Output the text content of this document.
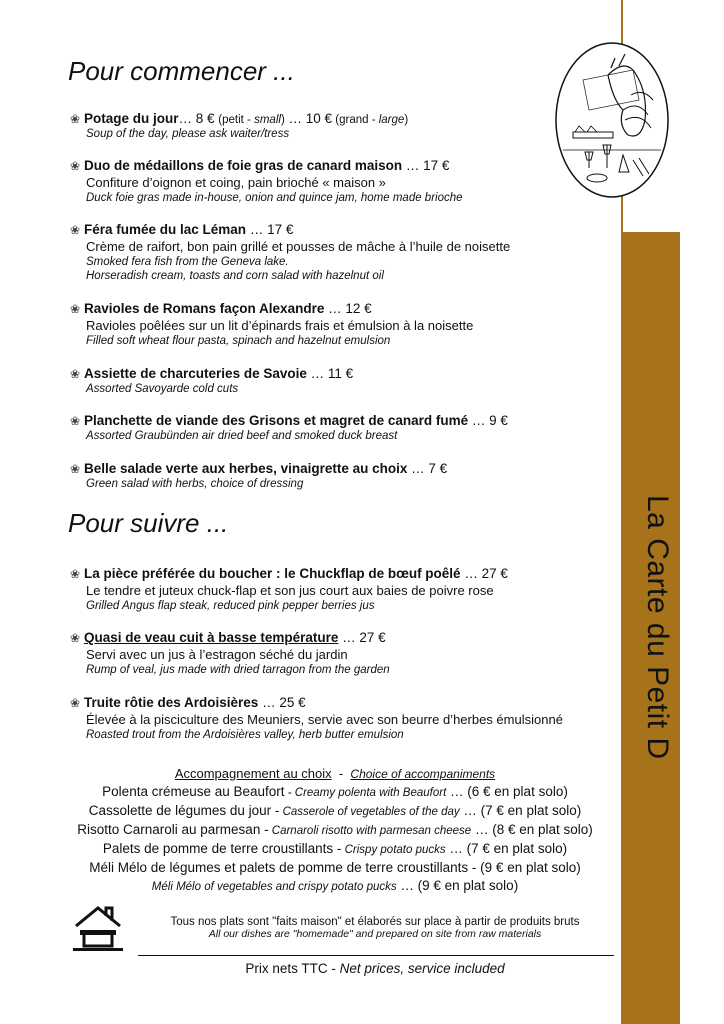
La Carte du Petit D
Pour commencer ...
❀ Potage du jour… 8 € (petit - small) … 10 € (grand - large)
Soup of the day, please ask waiter/tress
❀ Duo de médaillons de foie gras de canard maison … 17 €
Confiture d’oignon et coing, pain brioché « maison »
Duck foie gras made in-house, onion and quince jam, home made brioche
❀ Féra fumée du lac Léman … 17 €
Crème de raifort, bon pain grillé et pousses de mâche à l’huile de noisette
Smoked fera fish from the Geneva lake.
Horseradish cream, toasts and corn salad with hazelnut oil
❀ Ravioles de Romans façon Alexandre … 12 €
Ravioles poêlées sur un lit d’épinards frais et émulsion à la noisette
Filled soft wheat flour pasta, spinach and hazelnut emulsion
❀ Assiette de charcuteries de Savoie … 11 €
Assorted Savoyarde cold cuts
❀ Planchette de viande des Grisons et magret de canard fumé … 9 €
Assorted Graubünden air dried beef and smoked duck breast
❀ Belle salade verte aux herbes, vinaigrette au choix … 7 €
Green salad with herbs, choice of dressing
Pour suivre ...
❀ La pièce préférée du boucher : le Chuckflap de bœuf poêlé … 27 €
Le tendre et juteux chuck-flap et son jus court aux baies de poivre rose
Grilled Angus flap steak, reduced pink pepper berries jus
❀ Quasi de veau cuit à basse température … 27 €
Servi avec un jus à l’estragon séché du jardin
Rump of veal, jus made with dried tarragon from the garden
❀ Truite rôtie des Ardoisières … 25 €
Élevée à la pisciculture des Meuniers, servie avec son beurre d’herbes émulsionné
Roasted trout from the Ardoisières valley, herb butter emulsion
Accompagnement au choix  -  Choice of accompaniments
Polenta crémeuse au Beaufort - Creamy polenta with Beaufort … (6 € en plat solo)
Cassolette de légumes du jour - Casserole of vegetables of the day … (7 € en plat solo)
Risotto Carnaroli au parmesan - Carnaroli risotto with parmesan cheese … (8 € en plat solo)
Palets de pomme de terre croustillants - Crispy potato pucks … (7 € en plat solo)
Méli Mélo de légumes et palets de pomme de terre croustillants - (9 € en plat solo)
Méli Mélo of vegetables and crispy potato pucks … (9 € en plat solo)
Tous nos plats sont "faits maison" et élaborés sur place à partir de produits bruts
All our dishes are "homemade" and prepared on site from raw materials
Prix nets TTC - Net prices, service included
